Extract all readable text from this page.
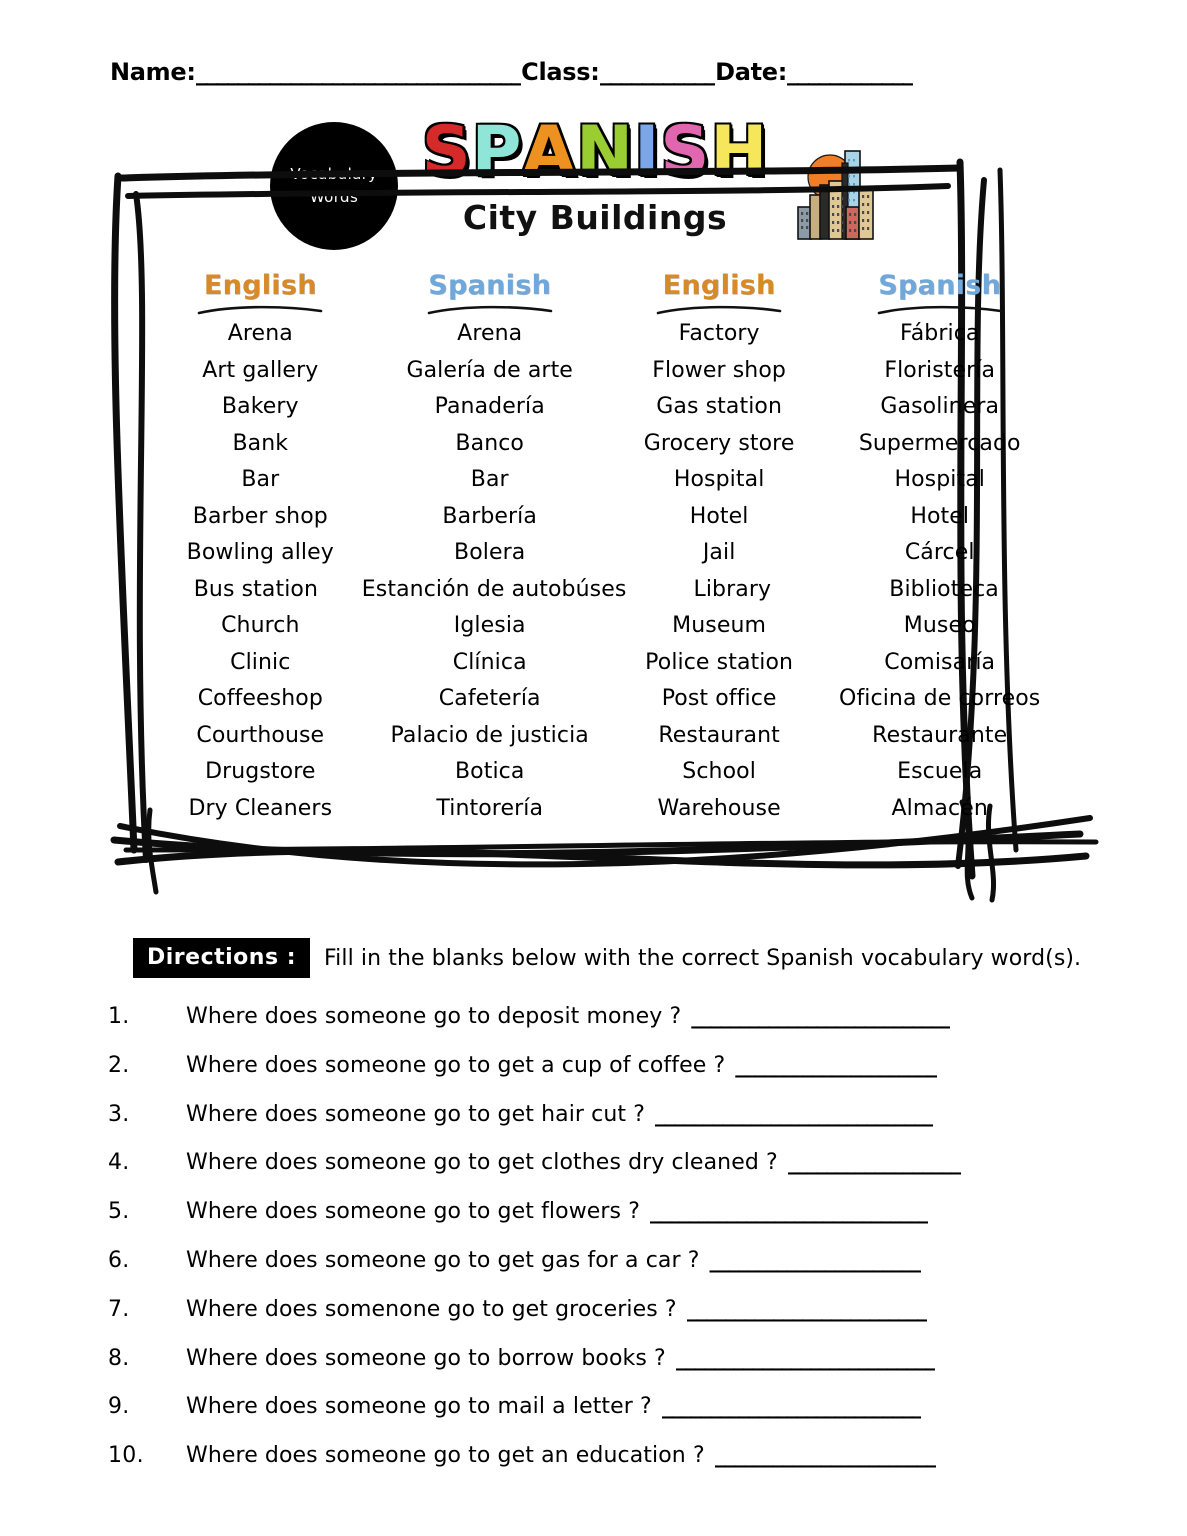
Name: _______________________________ Class: ___________ Date: ____________
Vocabulary
Words
SPANISH
City Buildings
English	Spanish	English	Spanish
Arena	Arena	Factory	Fábrica
Art gallery	Galería de arte	Flower shop	Floristería
Bakery	Panadería	Gas station	Gasolinera
Bank	Banco	Grocery store	Supermercado
Bar	Bar	Hospital	Hospital
Barber shop	Barbería	Hotel	Hotel
Bowling alley	Bolera	Jail	Cárcel
Bus station	Estanción de autobúses	Library	Biblioteca
Church	Iglesia	Museum	Museo
Clinic	Clínica	Police station	Comisaría
Coffeeshop	Cafetería	Post office	Oficina de correos
Courthouse	Palacio de justicia	Restaurant	Restaurante
Drugstore	Botica	School	Escuela
Dry Cleaners	Tintorería	Warehouse	Almacén
Directions :	Fill in the blanks below with the correct Spanish vocabulary word(s).
1.	Where does someone go to deposit money ? ___________________________
2.	Where does someone go to get a cup of coffee ? _____________________
3.	Where does someone go to get hair cut ? _____________________________
4.	Where does someone go to get clothes dry cleaned ? __________________
5.	Where does someone go to get flowers ? _____________________________
6.	Where does someone go to get gas for a car ? ______________________
7.	Where does somenone go to get groceries ? _________________________
8.	Where does someone go to borrow books ? ___________________________
9.	Where does someone go to mail a letter ? ___________________________
10.	Where does someone go to get an education ? _______________________
